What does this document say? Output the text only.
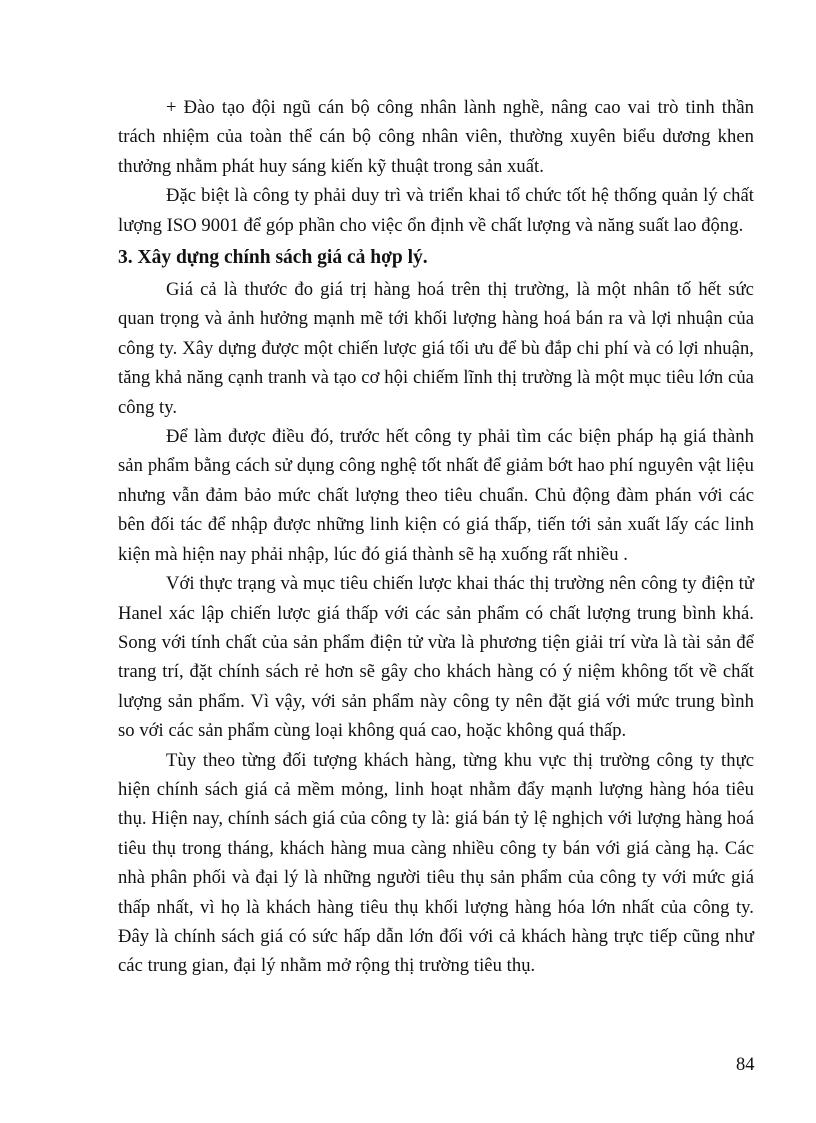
+ Đào tạo đội ngũ cán bộ công nhân lành nghề, nâng cao vai trò tinh thần trách nhiệm của toàn thể cán bộ công nhân viên, thường xuyên biểu dương khen thưởng nhằm phát huy sáng kiến kỹ thuật trong sản xuất.

Đặc biệt là công ty phải duy trì và triển khai tổ chức tốt hệ thống quản lý chất lượng ISO 9001 để góp phần cho việc ổn định về chất lượng và năng suất lao động.

3. Xây dựng chính sách giá cả hợp lý.

Giá cả là thước đo giá trị hàng hoá trên thị trường, là một nhân tố hết sức quan trọng và ảnh hưởng mạnh mẽ tới khối lượng hàng hoá bán ra và lợi nhuận của công ty. Xây dựng được một chiến lược giá tối ưu để bù đắp chi phí và có lợi nhuận, tăng khả năng cạnh tranh và tạo cơ hội chiếm lĩnh thị trường là một mục tiêu lớn của công ty.

Để làm được điều đó, trước hết công ty phải tìm các biện pháp hạ giá thành sản phẩm bằng cách sử dụng công nghệ tốt nhất để giảm bớt hao phí nguyên vật liệu nhưng vẫn đảm bảo mức chất lượng theo tiêu chuẩn. Chủ động đàm phán với các bên đối tác để nhập được những linh kiện có giá thấp, tiến tới sản xuất lấy các linh kiện mà hiện nay phải nhập, lúc đó giá thành sẽ hạ xuống rất nhiều .

Với thực trạng và mục tiêu chiến lược khai thác thị trường nên công ty điện tử Hanel xác lập chiến lược giá thấp với các sản phẩm có chất lượng trung bình khá. Song với tính chất của sản phẩm điện tử vừa là phương tiện giải trí vừa là tài sản để trang trí, đặt chính sách rẻ hơn sẽ gây cho khách hàng có ý niệm không tốt về chất lượng sản phẩm. Vì vậy, với sản phẩm này công ty nên đặt giá với mức trung bình so với các sản phẩm cùng loại không quá cao, hoặc không quá thấp.

Tùy theo từng đối tượng khách hàng, từng khu vực thị trường công ty thực hiện chính sách giá cả mềm mỏng, linh hoạt nhằm đẩy mạnh lượng hàng hóa tiêu thụ. Hiện nay, chính sách giá của công ty là: giá bán tỷ lệ nghịch với lượng hàng hoá tiêu thụ trong tháng, khách hàng mua càng nhiều công ty bán với giá càng hạ. Các nhà phân phối và đại lý là những người tiêu thụ sản phẩm của công ty với mức giá thấp nhất, vì họ là khách hàng tiêu thụ khối lượng hàng hóa lớn nhất của công ty. Đây là chính sách giá có sức hấp dẫn lớn đối với cả khách hàng trực tiếp cũng như các trung gian, đại lý nhằm mở rộng thị trường tiêu thụ.

84
